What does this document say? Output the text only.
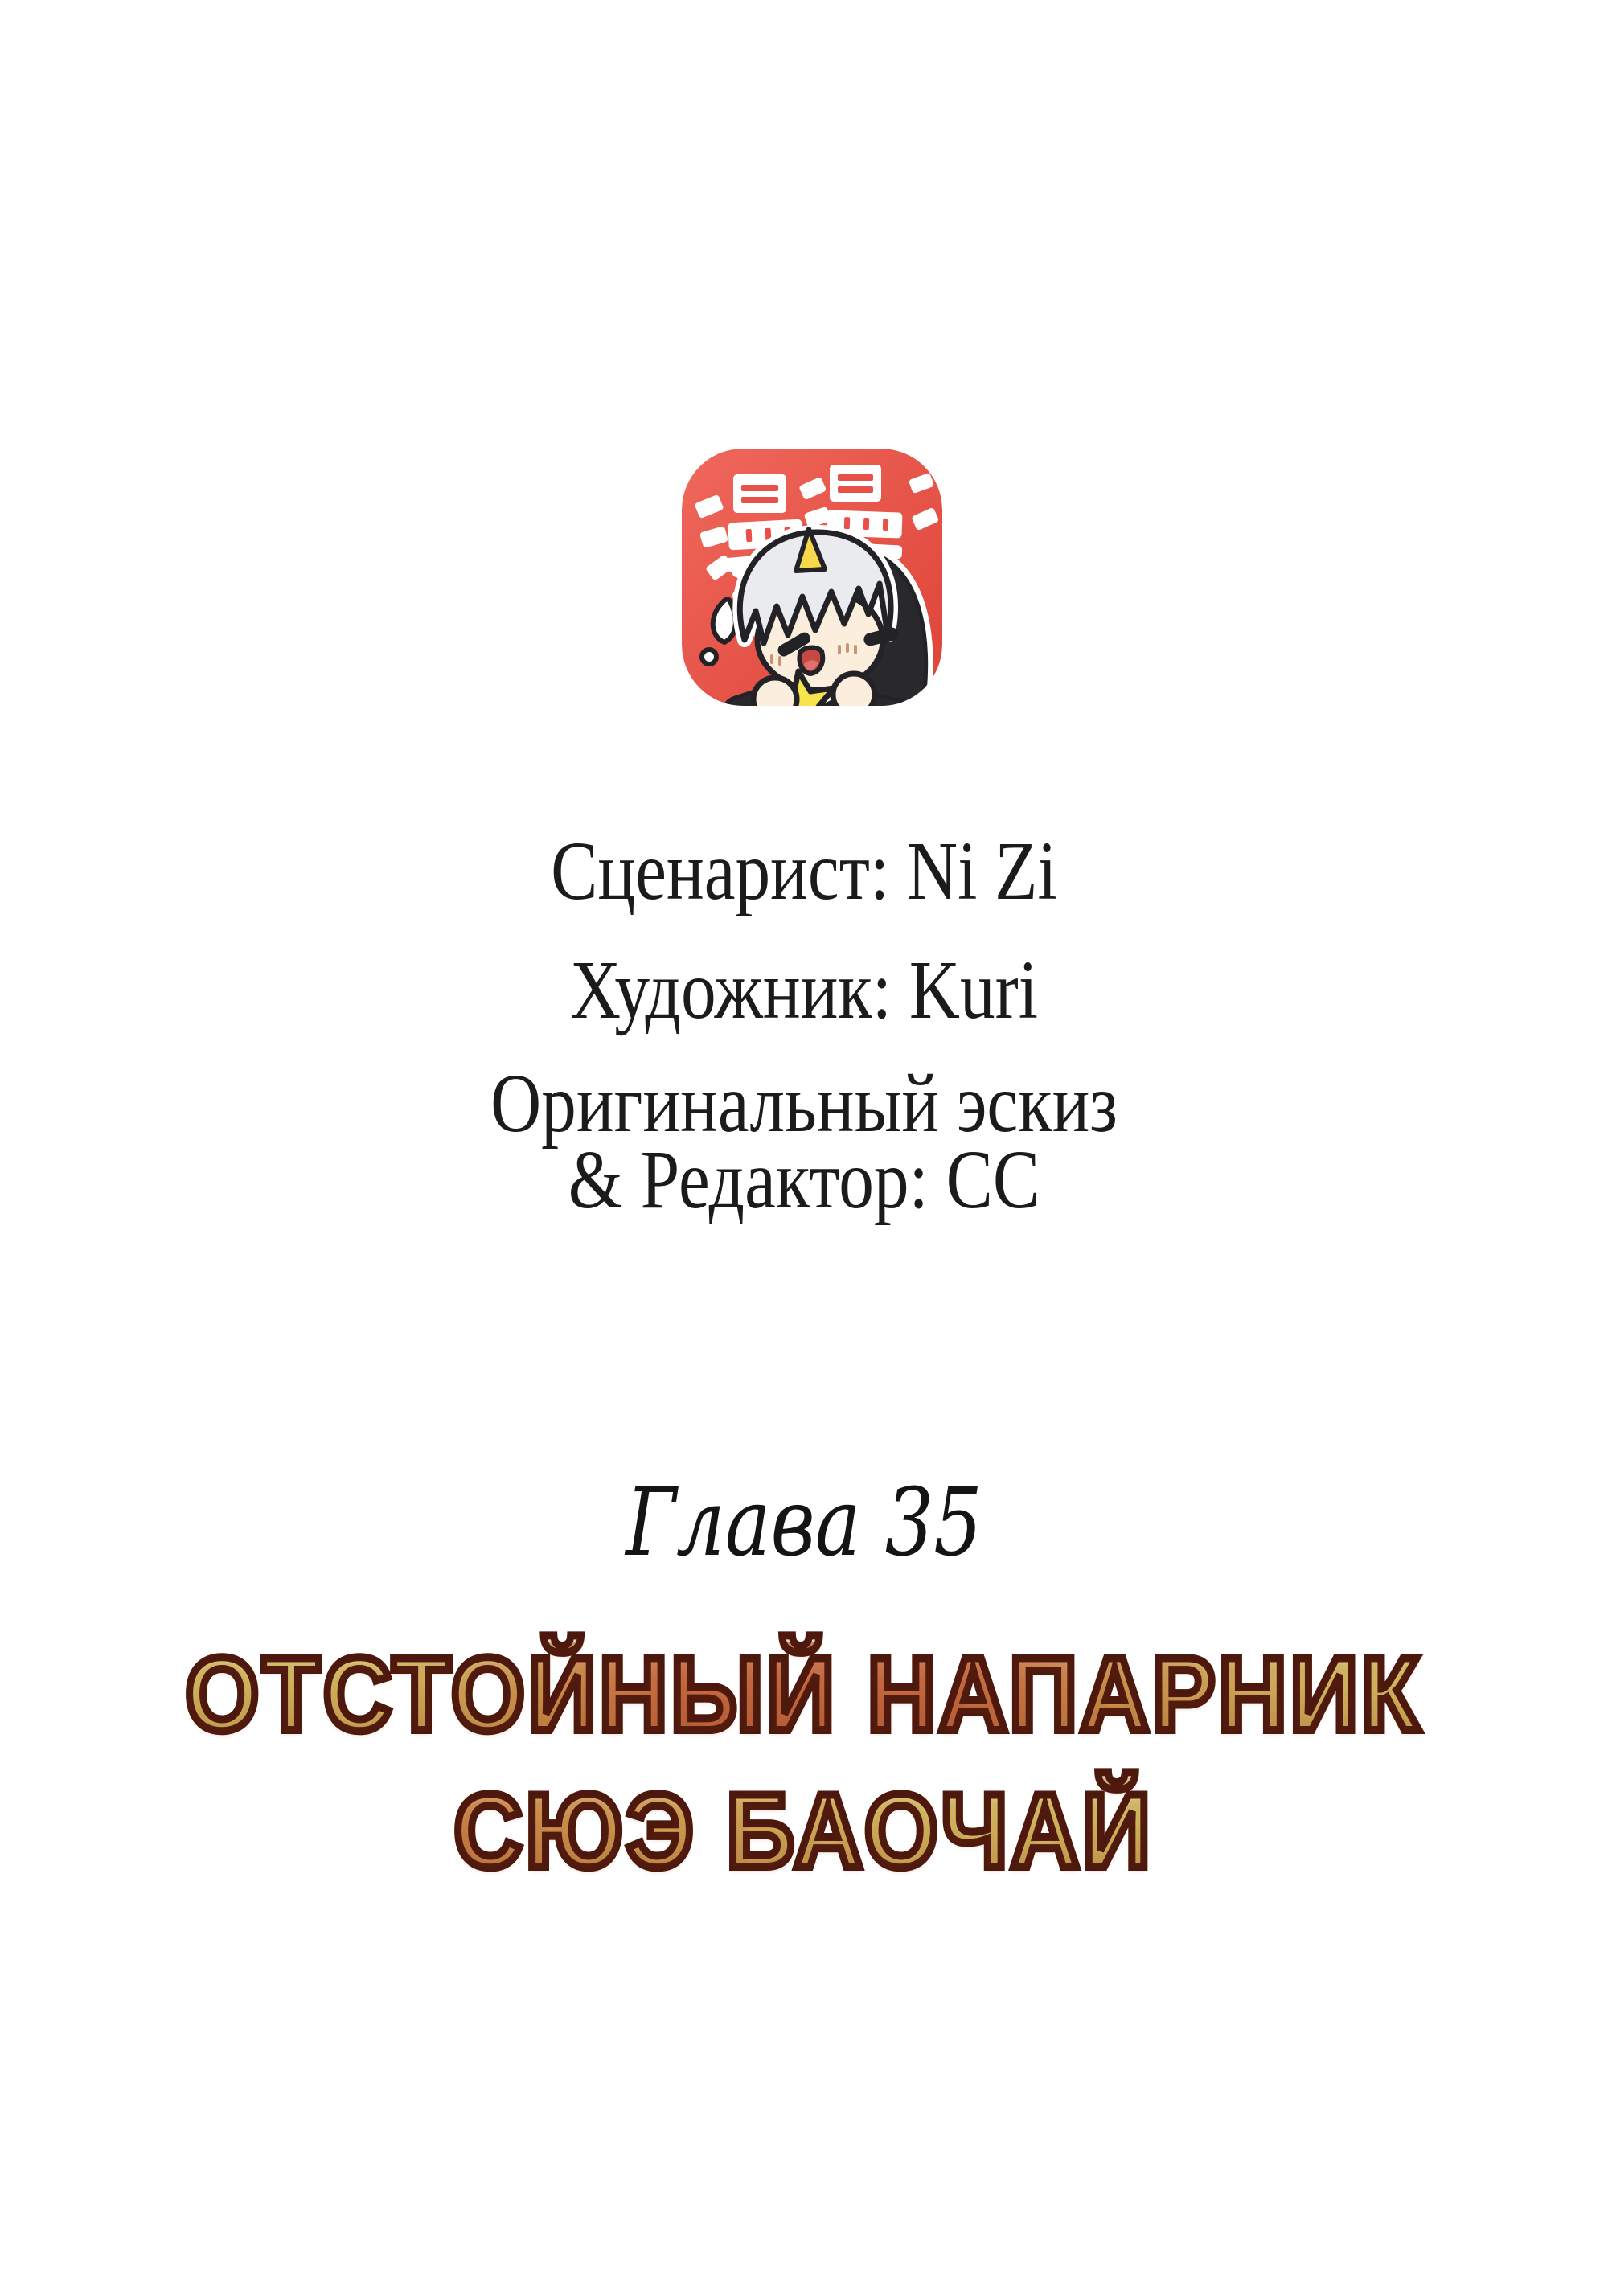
Сценарист: Ni Zi
Художник: Kuri
Оригинальный эскиз
& Редактор: CC
Глава 35
ОТСТОЙНЫЙ НАПАРНИК
СЮЭ БАОЧАЙ
